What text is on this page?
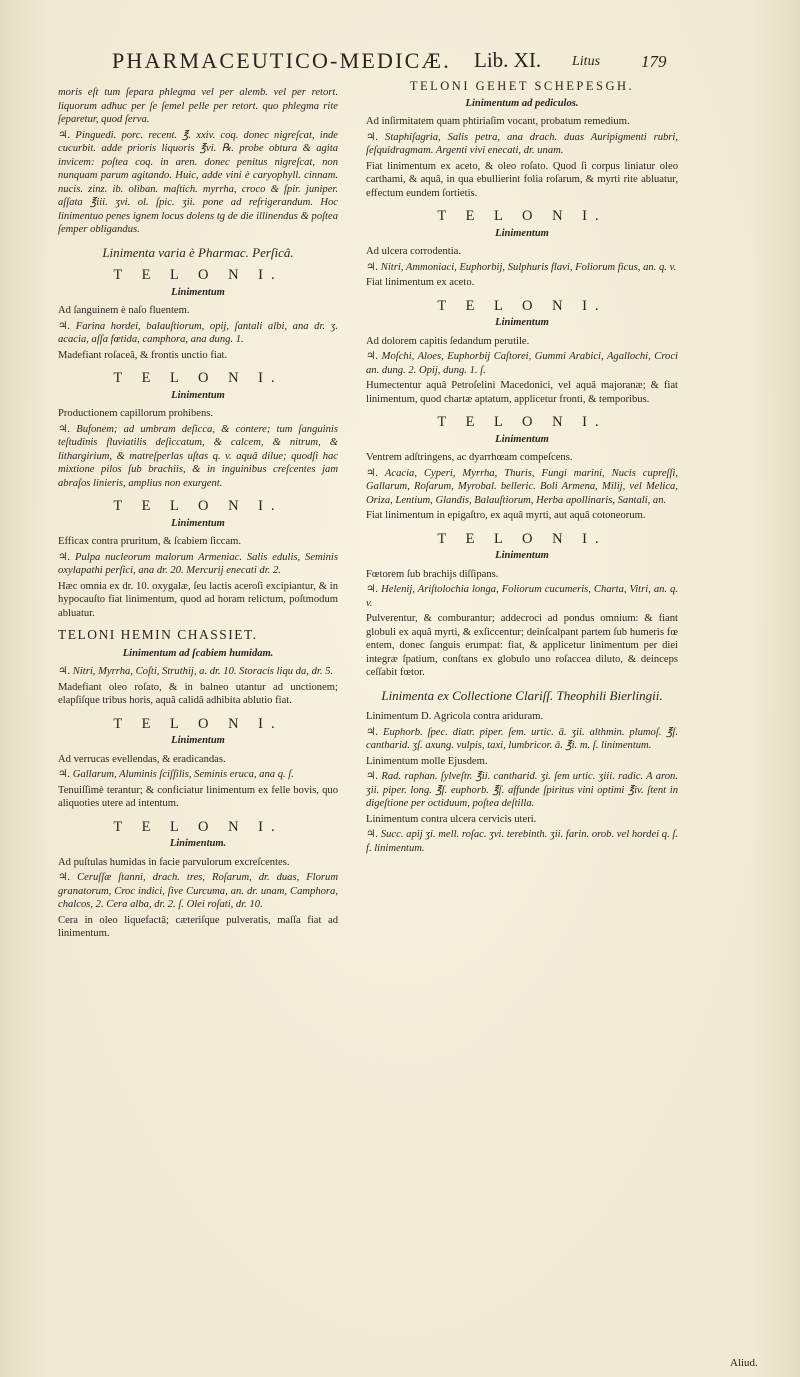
PHARMACEUTICO-MEDICÆ. Lib. XI. Litus 179

moris eſt tum ſepara phlegma vel per alemb. vel per retort. liquorum adhuc per ſe ſemel pelle per retort. quo phlegma rite ſeparetur, quod ſerva.

♃. Pinguedi. porc. recent. ℥. xxiv. coq. donec nigreſcat, inde cucurbit. adde prioris liquoris ℥vi. ℞. probe obtura & agita invicem: poſtea coq. in aren. donec penitus nigreſcat, non nunquam parum agitando. Huic, adde vini è caryophyll. cinnam. nucis. zinz. ib. oliban. maſtich. myrrha, croco & ſpir. juniper. aſſata ℥iii. ʒvi. ol. ſpic. ʒii. pone ad refrigerandum. Hoc linimentuo penes ignem locus dolens tg de die illinendus & poſtea ſemper obligandus.

Linimenta varia è Pharmac. Perſicâ.
T E L O N I.
Linimentum

Ad ſanguinem è naſo fluentem.

♃. Farina hordei, balauſtiorum, opij, ſantali albi, ana dr. ʒ. acacia, aſſa fœtida, camphora, ana dung. 1.

Madefiant roſaceâ, & frontis unctio fiat.

T E L O N I.
Linimentum

Productionem capillorum prohibens.

♃. Bufonem; ad umbram deſicca, & contere; tum ſanguinis teſtudinis fluviatilis deſiccatum, & calcem, & nitrum, & lithargirium, & matreſperlas uſtas q. v. aquâ dilue; quodſi hac mixtione pilos ſub brachiis, & in inguinibus creſcentes jam abraſos linieris, amplius non exurgent.

T E L O N I.
Linimentum

Efficax contra pruritum, & ſcabiem ſiccam.

♃. Pulpa nucleorum malorum Armeniac. Salis edulis, Seminis oxylapathi perſici, ana dr. 20. Mercurij enecati dr. 2.

Hæc omnia ex dr. 10. oxygalæ, ſeu lactis aceroſi excipiantur, & in hypocauſto fiat linimentum, quod ad horam relictum, poſtmodum abluatur.

TELONI HEMIN CHASSIET.
Linimentum ad ſcabiem humidam.

♃. Nitri, Myrrha, Coſti, Struthij, a. dr. 10. Storacis liqu da, dr. 5.

Madefiant oleo roſato, & in balneo utantur ad unctionem; elapſiſque tribus horis, aquâ calidâ adhibita ablutio fiat.

T E L O N I.
Linimentum

Ad verrucas evellendas, & eradicandas.

♃. Gallarum, Aluminis ſciſſilis, Seminis eruca, ana q. ſ.

Tenuiſſimè terantur; & conficiatur linimentum ex felle bovis, quo aliquoties utere ad intentum.

T E L O N I.
Linimentum.

Ad puſtulas humidas in facie parvulorum excreſcentes.

♃. Ceruſſæ ſtanni, drach. tres, Roſarum, dr. duas, Florum granatorum, Croc indici, ſive Curcuma, an. dr. unam, Camphora, chalcos, 2. Cera alba, dr. 2. ſ. Olei roſati, dr. 10.

Cera in oleo liquefactâ; cæteriſque pulveratis, maſſa fiat ad linimentum.

TELONI GEHET SCHEPESGH.
Linimentum ad pediculos.

Ad inſirmitatem quam phtiriaſim vocant, probatum remedium.

♃. Staphiſagria, Salis petra, ana drach. duas Auripigmenti rubri, ſeſquidragmam. Argenti vivi enecati, dr. unam.

Fiat linimentum ex aceto, & oleo roſato. Quod ſi corpus liniatur oleo carthami, & aquâ, in qua ebullierint folia roſarum, & myrti rite abluatur, effectum eundem ſortietis.

T E L O N I.
Linimentum

Ad ulcera corrodentia.

♃. Nitri, Ammoniaci, Euphorbij, Sulphuris flavi, Foliorum ficus, an. q. v.

Fiat linimentum ex aceto.

T E L O N I.
Linimentum

Ad dolorem capitis ſedandum perutile.

♃. Moſchi, Aloes, Euphorbij Caſtorei, Gummi Arabici, Agallochi, Croci an. dung. 2. Opij, dung. 1. ſ.

Humectentur aquâ Petroſelini Macedonici, vel aquâ majoranæ; & fiat linimentum, quod chartæ aptatum, applicetur fronti, & temporibus.

T E L O N I.
Linimentum

Ventrem adſtringens, ac dyarrhœam compeſcens.

♃. Acacia, Cyperi, Myrrha, Thuris, Fungi marini, Nucis cupreſſi, Gallarum, Roſarum, Myrobal. belleric. Boli Armena, Milij, vel Melica, Oriza, Lentium, Glandis, Balauſtiorum, Herba apollinaris, Santali, an.

Fiat linimentum in epigaſtro, ex aquâ myrti, aut aquâ cotoneorum.

T E L O N I.
Linimentum

Fœtorem ſub brachijs diſſipans.

♃. Helenij, Ariſtolochia longa, Foliorum cucumeris, Charta, Vitri, an. q. v.

Pulverentur, & comburantur; addecroci ad pondus omnium: & fiant globuli ex aquâ myrti, & exſiccentur; deinſcalpant partem ſub humeris fœ entem, donec ſanguis erumpat: fiat, & applicetur linimentum per diei integræ ſpatium, conſtans ex globulo uno roſaccea diluto, & deinceps ceſſabit fœtor.

Linimenta ex Collectione Clariſſ. Theophili Bierlingii.

Linimentum D. Agricola contra ariduram.

♃. Euphorb. ſpec. diatr. piper. ſem. urtic. ā. ʒii. althmin. plumoſ. ℥ſ. cantharid. ʒſ. axung. vulpis, taxi, lumbricor. ā. ℥i. m. ſ. linimentum.

Linimentum molle Ejusdem.

♃. Rad. raphan. ſylveſtr. ℥ii. cantharid. ʒi. ſem urtic. ʒiii. radic. A aron. ʒii. piper. long. ℥ſ. euphorb. ℥ſ. affunde ſpiritus vini optimi ℥iv. ſtent in digeſtione per octiduum, poſtea deſtilla.

Linimentum contra ulcera cervicis uteri.

♃. Succ. apij ʒi. mell. roſac. ʒvi. terebinth. ʒii. farin. orob. vel hordei q. ſ. f. linimentum.

Aliud.
